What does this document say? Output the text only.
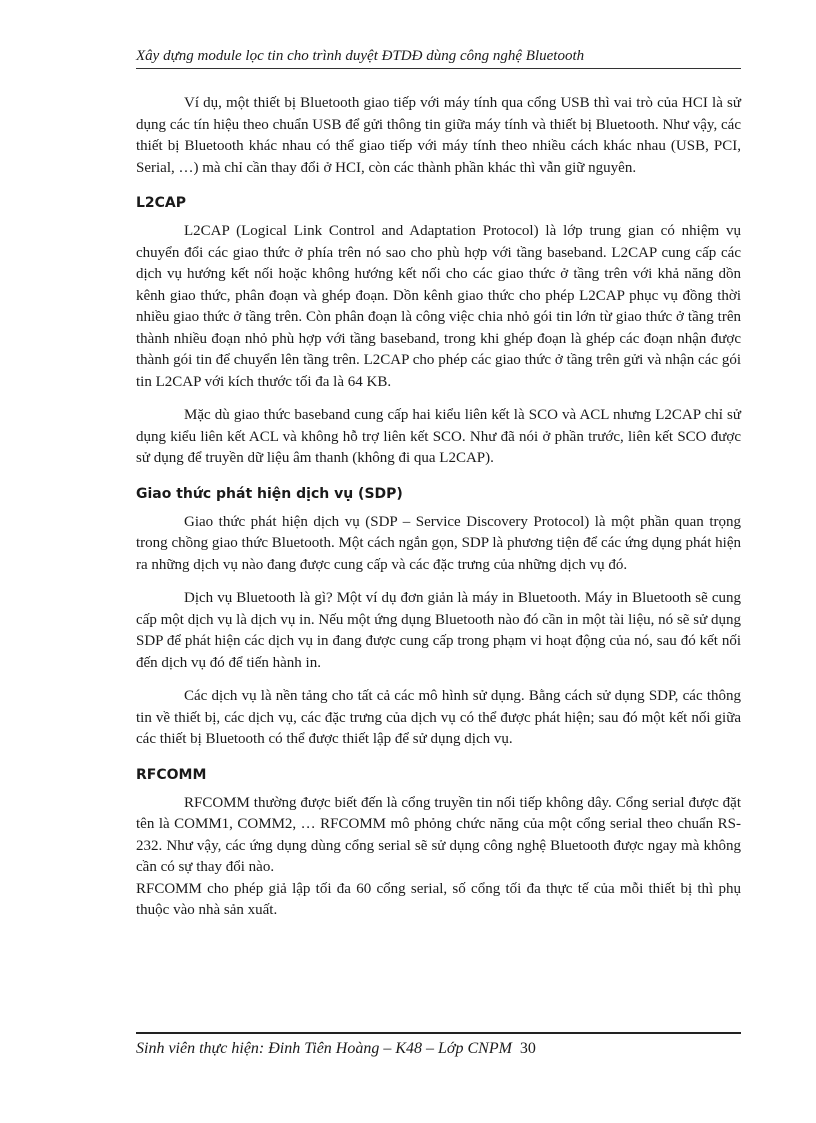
Xây dựng module lọc tin cho trình duyệt ĐTDĐ dùng công nghệ Bluetooth

Ví dụ, một thiết bị Bluetooth giao tiếp với máy tính qua cổng USB thì vai trò của HCI là sử dụng các tín hiệu theo chuẩn USB để gửi thông tin giữa máy tính và thiết bị Bluetooth. Như vậy, các thiết bị Bluetooth khác nhau có thể giao tiếp với máy tính theo nhiều cách khác nhau (USB, PCI, Serial, …) mà chỉ cần thay đổi ở HCI, còn các thành phần khác thì vẫn giữ nguyên.

L2CAP

L2CAP (Logical Link Control and Adaptation Protocol) là lớp trung gian có nhiệm vụ chuyển đổi các giao thức ở phía trên nó sao cho phù hợp với tầng baseband. L2CAP cung cấp các dịch vụ hướng kết nối hoặc không hướng kết nối cho các giao thức ở tầng trên với khả năng dồn kênh giao thức, phân đoạn và ghép đoạn. Dồn kênh giao thức cho phép L2CAP phục vụ đồng thời nhiều giao thức ở tầng trên. Còn phân đoạn là công việc chia nhỏ gói tin lớn từ giao thức ở tầng trên thành nhiều đoạn nhỏ phù hợp với tầng baseband, trong khi ghép đoạn là ghép các đoạn nhận được thành gói tin để chuyển lên tầng trên. L2CAP cho phép các giao thức ở tầng trên gửi và nhận các gói tin L2CAP với kích thước tối đa là 64 KB.

Mặc dù giao thức baseband cung cấp hai kiểu liên kết là SCO và ACL nhưng L2CAP chỉ sử dụng kiểu liên kết ACL và không hỗ trợ liên kết SCO. Như đã nói ở phần trước, liên kết SCO được sử dụng để truyền dữ liệu âm thanh (không đi qua L2CAP).

Giao thức phát hiện dịch vụ (SDP)

Giao thức phát hiện dịch vụ (SDP – Service Discovery Protocol) là một phần quan trọng trong chồng giao thức Bluetooth. Một cách ngắn gọn, SDP là phương tiện để các ứng dụng phát hiện ra những dịch vụ nào đang được cung cấp và các đặc trưng của những dịch vụ đó.

Dịch vụ Bluetooth là gì? Một ví dụ đơn giản là máy in Bluetooth. Máy in Bluetooth sẽ cung cấp một dịch vụ là dịch vụ in. Nếu một ứng dụng Bluetooth nào đó cần in một tài liệu, nó sẽ sử dụng SDP để phát hiện các dịch vụ in đang được cung cấp trong phạm vi hoạt động của nó, sau đó kết nối đến dịch vụ đó để tiến hành in.

Các dịch vụ là nền tảng cho tất cả các mô hình sử dụng. Bằng cách sử dụng SDP, các thông tin về thiết bị, các dịch vụ, các đặc trưng của dịch vụ có thể được phát hiện; sau đó một kết nối giữa các thiết bị Bluetooth có thể được thiết lập để sử dụng dịch vụ.

RFCOMM

RFCOMM thường được biết đến là cổng truyền tin nối tiếp không dây. Cổng serial được đặt tên là COMM1, COMM2, … RFCOMM mô phỏng chức năng của một cổng serial theo chuẩn RS-232. Như vậy, các ứng dụng dùng cổng serial sẽ sử dụng công nghệ Bluetooth được ngay mà không cần có sự thay đổi nào.

RFCOMM cho phép giả lập tối đa 60 cổng serial, số cổng tối đa thực tế của mỗi thiết bị thì phụ thuộc vào nhà sản xuất.

Sinh viên thực hiện: Đinh Tiên Hoàng – K48 – Lớp CNPM 30
